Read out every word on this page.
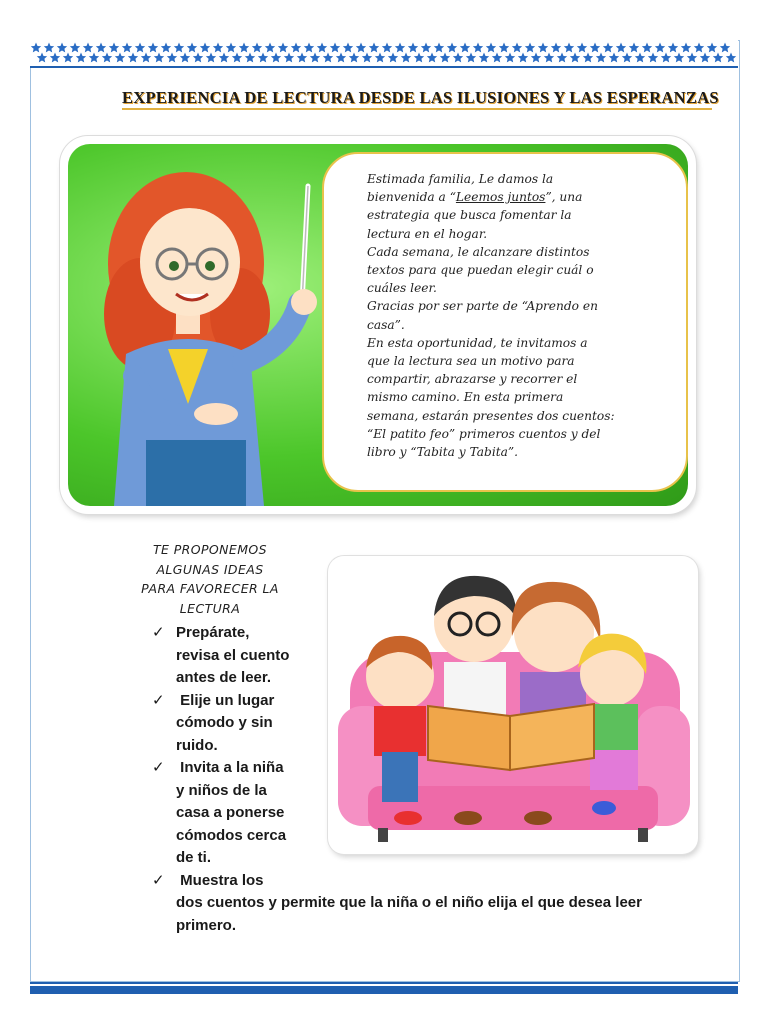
EXPERIENCIA DE LECTURA DESDE LAS ILUSIONES Y LAS ESPERANZAS
Estimada familia, Le damos la
bienvenida a “Leemos juntos”, una
estrategia que busca fomentar la
lectura en el hogar.
Cada semana, le alcanzare distintos
textos para que puedan elegir cuál o
cuáles leer.
Gracias por ser parte de “Aprendo en
casa”.
En esta oportunidad, te invitamos a
que la lectura sea un motivo para
compartir, abrazarse y recorrer el
mismo camino. En esta primera
semana, estarán presentes dos cuentos:
“El patito feo” primeros cuentos y del
libro y “Tabita y Tabita”.
TE PROPONEMOS
ALGUNAS IDEAS
PARA FAVORECER LA
LECTURA
✓ Prepárate,
revisa el cuento
antes de leer.
✓ Elije un lugar
cómodo y sin
ruido.
✓ Invita a la niña
y niños de la
casa a ponerse
cómodos cerca
de ti.
✓ Muestra los
dos cuentos y permite que la niña o el niño elija el que desea leer
primero.
